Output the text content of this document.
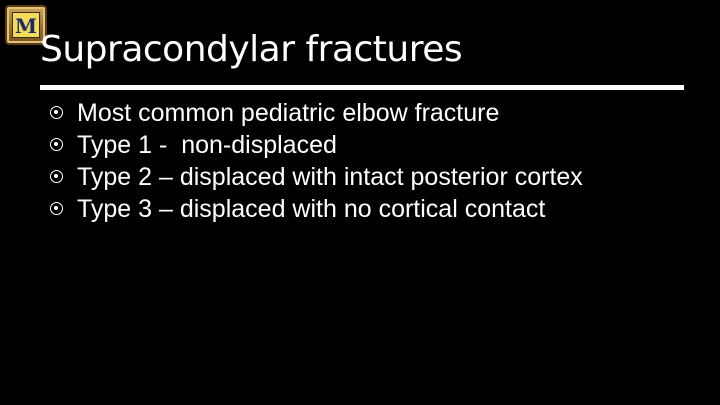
M
Supracondylar fractures
Most common pediatric elbow fracture
Type 1 -  non-displaced
Type 2 – displaced with intact posterior cortex
Type 3 – displaced with no cortical contact
